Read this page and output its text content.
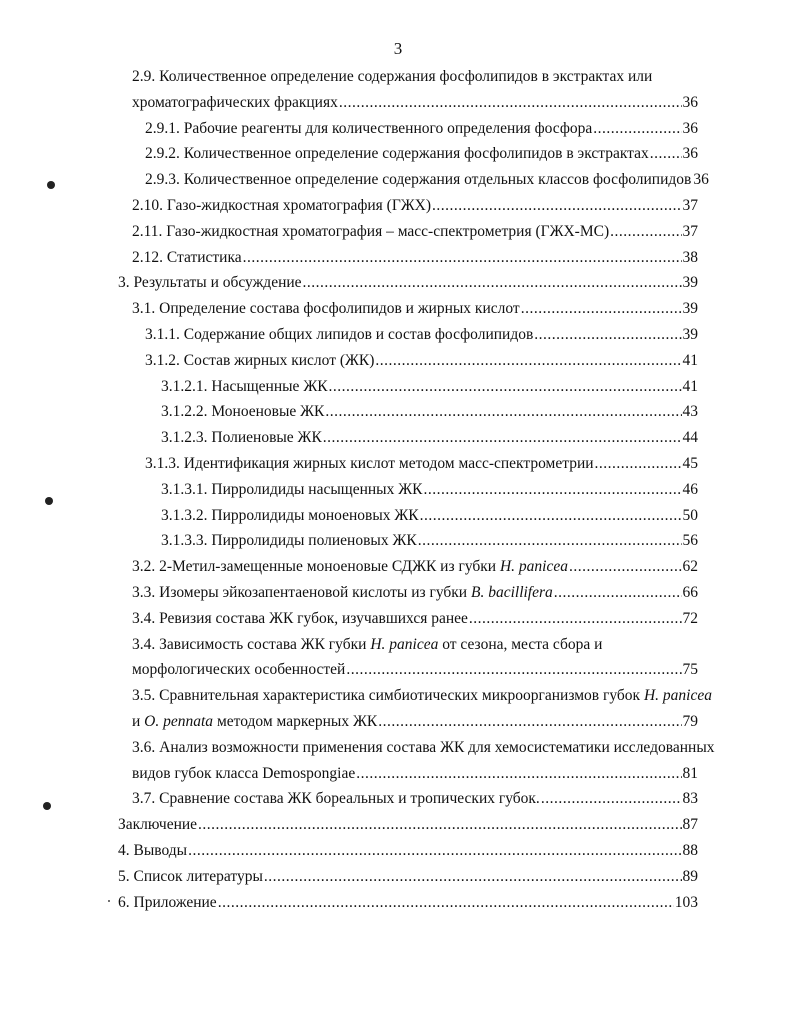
3
2.9. Количественное определение содержания фосфолипидов в экстрактах или
хроматографических фракциях .....	36
2.9.1. Рабочие реагенты для количественного определения фосфора .....	36
2.9.2. Количественное определение содержания фосфолипидов в экстрактах ..... 36
2.9.3. Количественное определение содержания отдельных классов фосфолипидов 36
2.10. Газо-жидкостная хроматография (ГЖХ) .....	37
2.11. Газо-жидкостная хроматография – масс-спектрометрия (ГЖХ-МС) .....	37
2.12. Статистика .....	38
3. Результаты и обсуждение .....	39
3.1. Определение состава фосфолипидов и жирных кислот .....	39
3.1.1. Содержание общих липидов и состав фосфолипидов .....	39
3.1.2. Состав жирных кислот (ЖК) .....	41
3.1.2.1. Насыщенные ЖК .....	41
3.1.2.2. Моноеновые ЖК .....	43
3.1.2.3. Полиеновые ЖК .....	44
3.1.3. Идентификация жирных кислот методом масс-спектрометрии .....	45
3.1.3.1. Пирролидиды насыщенных ЖК .....	46
3.1.3.2. Пирролидиды моноеновых ЖК .....	50
3.1.3.3. Пирролидиды полиеновых ЖК .....	56
3.2. 2-Метил-замещенные моноеновые СДЖК из губки H. panicea .....	62
3.3. Изомеры эйкозапентаеновой кислоты из губки B. bacillifera .....	66
3.4. Ревизия состава ЖК губок, изучавшихся ранее .....	72
3.4. Зависимость состава ЖК губки H. panicea от сезона, места сбора и
морфологических особенностей .....	75
3.5. Сравнительная характеристика симбиотических микроорганизмов губок H. panicea
и O. pennata методом маркерных ЖК .....	79
3.6. Анализ возможности применения состава ЖК для хемосистематики исследованных
видов губок класса Demospongiae .....	81
3.7. Сравнение состава ЖК бореальных и тропических губок. .....	83
Заключение .....	87
4. Выводы .....	88
5. Список литературы .....	89
6. Приложение .....	103
